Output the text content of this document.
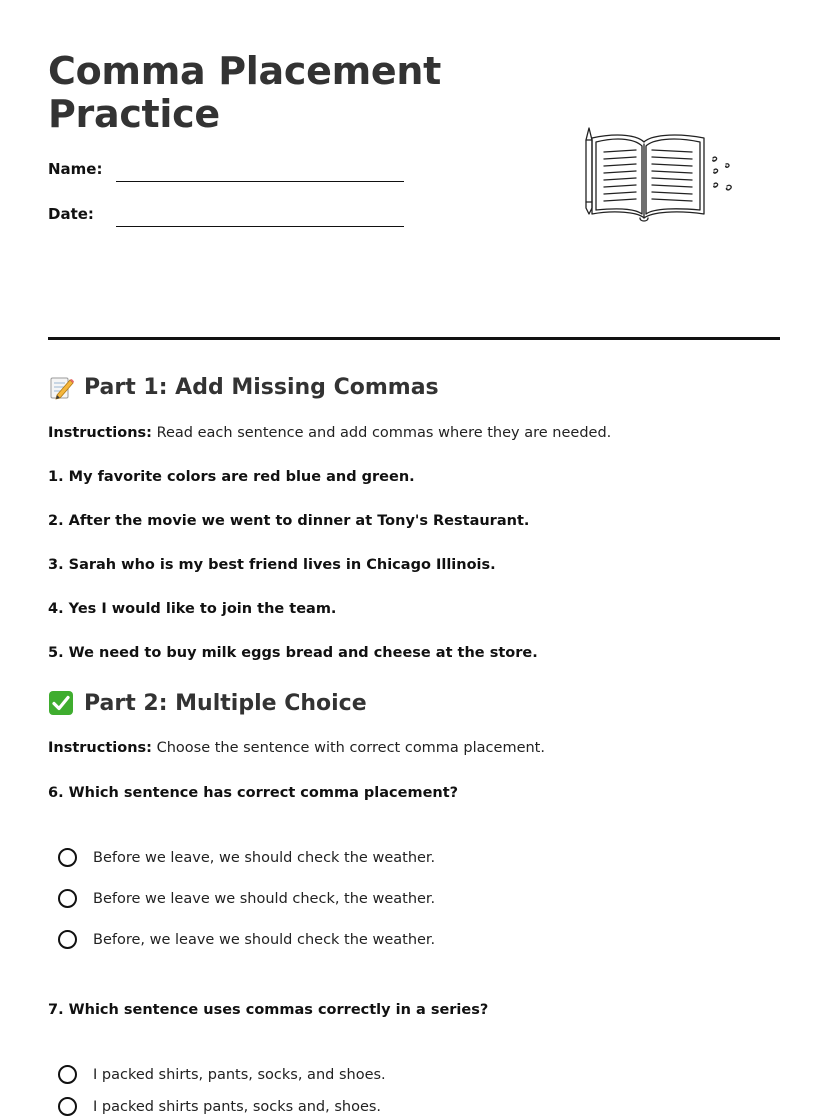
Comma Placement
Practice
Name:
Date:
Part 1: Add Missing Commas
Instructions: Read each sentence and add commas where they are needed.
1. My favorite colors are red blue and green.
2. After the movie we went to dinner at Tony's Restaurant.
3. Sarah who is my best friend lives in Chicago Illinois.
4. Yes I would like to join the team.
5. We need to buy milk eggs bread and cheese at the store.
Part 2: Multiple Choice
Instructions: Choose the sentence with correct comma placement.
6. Which sentence has correct comma placement?
Before we leave, we should check the weather.
Before we leave we should check, the weather.
Before, we leave we should check the weather.
7. Which sentence uses commas correctly in a series?
I packed shirts, pants, socks, and shoes.
I packed shirts pants, socks and, shoes.
